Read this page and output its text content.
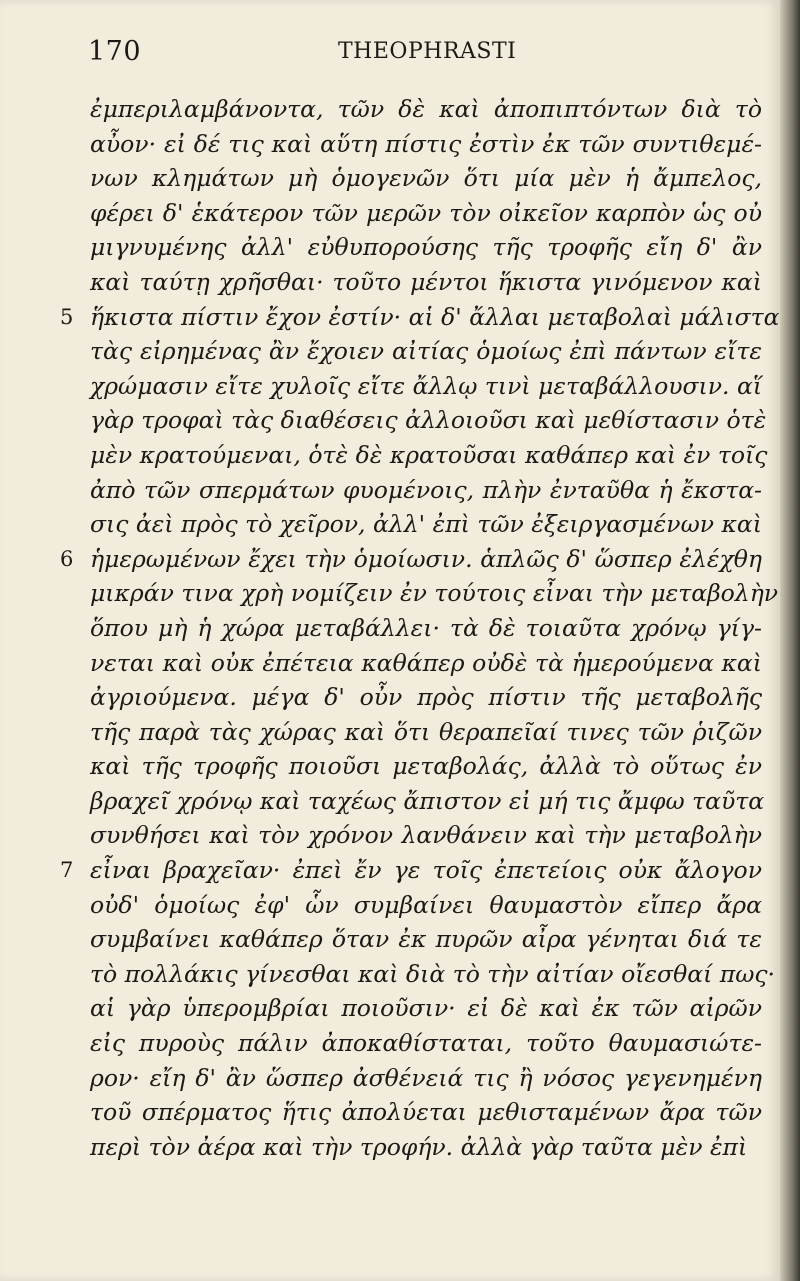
170	THEOPHRASTI
ἐμπεριλαμβάνοντα, τῶν δὲ καὶ ἀποπιπτόντων διὰ τὸ
αὖον· εἰ δέ τις καὶ αὕτη πίστις ἐστὶν ἐκ τῶν συντιθεμέ-
νων κλημάτων μὴ ὁμογενῶν ὅτι μία μὲν ἡ ἄμπελος,
φέρει δ' ἑκάτερον τῶν μερῶν τὸν οἰκεῖον καρπὸν ὡς οὐ
μιγνυμένης ἀλλ' εὐθυπορούσης τῆς τροφῆς εἴη δ' ἂν
καὶ ταύτῃ χρῆσθαι· τοῦτο μέντοι ἥκιστα γινόμενον καὶ
5 ἥκιστα πίστιν ἔχον ἐστίν· αἱ δ' ἄλλαι μεταβολαὶ μάλιστα
τὰς εἰρημένας ἂν ἔχοιεν αἰτίας ὁμοίως ἐπὶ πάντων εἴτε
χρώμασιν εἴτε χυλοῖς εἴτε ἄλλῳ τινὶ μεταβάλλουσιν. αἵ
γὰρ τροφαὶ τὰς διαθέσεις ἀλλοιοῦσι καὶ μεθίστασιν ὁτὲ
μὲν κρατούμεναι, ὁτὲ δὲ κρατοῦσαι καθάπερ καὶ ἐν τοῖς
ἀπὸ τῶν σπερμάτων φυομένοις, πλὴν ἐνταῦθα ἡ ἔκστα-
σις ἀεὶ πρὸς τὸ χεῖρον, ἀλλ' ἐπὶ τῶν ἐξειργασμένων καὶ
6 ἡμερωμένων ἔχει τὴν ὁμοίωσιν. ἁπλῶς δ' ὥσπερ ἐλέχθη
μικράν τινα χρὴ νομίζειν ἐν τούτοις εἶναι τὴν μεταβολὴν
ὅπου μὴ ἡ χώρα μεταβάλλει· τὰ δὲ τοιαῦτα χρόνῳ γίγ-
νεται καὶ οὐκ ἐπέτεια καθάπερ οὐδὲ τὰ ἡμερούμενα καὶ
ἀγριούμενα. μέγα δ' οὖν πρὸς πίστιν τῆς μεταβολῆς
τῆς παρὰ τὰς χώρας καὶ ὅτι θεραπεῖαί τινες τῶν ῥιζῶν
καὶ τῆς τροφῆς ποιοῦσι μεταβολάς, ἀλλὰ τὸ οὕτως ἐν
βραχεῖ χρόνῳ καὶ ταχέως ἄπιστον εἰ μή τις ἄμφω ταῦτα
συνθήσει καὶ τὸν χρόνον λανθάνειν καὶ τὴν μεταβολὴν
7 εἶναι βραχεῖαν· ἐπεὶ ἔν γε τοῖς ἐπετείοις οὐκ ἄλογον
οὐδ' ὁμοίως ἐφ' ὧν συμβαίνει θαυμαστὸν εἴπερ ἄρα
συμβαίνει καθάπερ ὅταν ἐκ πυρῶν αἶρα γένηται διά τε
τὸ πολλάκις γίνεσθαι καὶ διὰ τὸ τὴν αἰτίαν οἴεσθαί πως·
αἱ γὰρ ὑπερομβρίαι ποιοῦσιν· εἰ δὲ καὶ ἐκ τῶν αἰρῶν
εἰς πυροὺς πάλιν ἀποκαθίσταται, τοῦτο θαυμασιώτε-
ρον· εἴη δ' ἂν ὥσπερ ἀσθένειά τις ἢ νόσος γεγενημένη
τοῦ σπέρματος ἥτις ἀπολύεται μεθισταμένων ἄρα τῶν
περὶ τὸν ἀέρα καὶ τὴν τροφήν. ἀλλὰ γὰρ ταῦτα μὲν ἐπὶ
